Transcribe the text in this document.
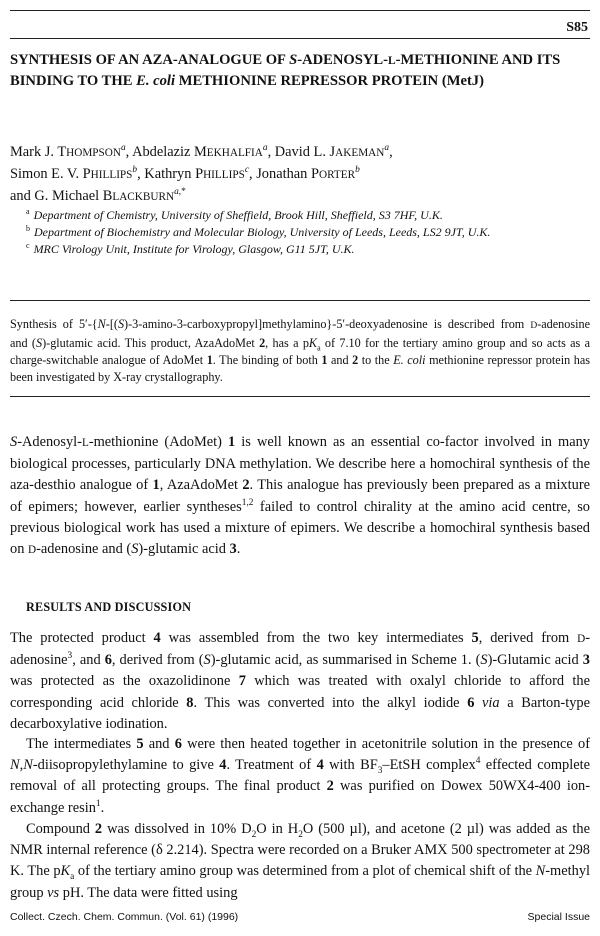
S85
SYNTHESIS OF AN AZA-ANALOGUE OF S-ADENOSYL-L-METHIONINE AND ITS BINDING TO THE E. coli METHIONINE REPRESSOR PROTEIN (MetJ)
Mark J. THOMPSON$^a$, Abdelaziz MEKHALFIA$^a$, David L. JAKEMAN$^a$,
Simon E. V. PHILLIPS$^b$, Kathryn PHILLIPS$^c$, Jonathan PORTER$^b$
and G. Michael $BLACKBURN^{a,*}$
$^a$ Department of Chemistry, University of Sheffield, Brook Hill, Sheffield, S3 7HF, U.K.
$^b$ Department of Biochemistry and Molecular Biology, University of Leeds, Leeds, LS2 9JT, U.K.
$^c$ MRC Virology Unit, Institute for Virology, Glasgow, G11 5JT, U.K.

Synthesis of 5′-{N-[(S)-3-amino-3-carboxypropyl]methylamino}-5′-deoxyadenosine is described from D-adenosine and (S)-glutamic acid. This product, AzaAdoMet 2, has a $pK_a$ of 7.10 for the tertiary amino group and so acts as a charge-switchable analogue of AdoMet 1. The binding of both 1 and 2 to the E. coli methionine repressor protein has been investigated by X-ray crystallography.

S-Adenosyl-L-methionine (AdoMet) 1 is well known as an essential co-factor involved in many biological processes, particularly DNA methylation. We describe here a homochiral synthesis of the aza-desthio analogue of 1, AzaAdoMet 2. This analogue has previously been prepared as a mixture of epimers; however, earlier syntheses$^{1,2}$ failed to control chirality at the amino acid centre, so previous biological work has used a mixture of epimers. We describe a homochiral synthesis based on D-adenosine and (S)-glutamic acid 3.

RESULTS AND DISCUSSION

The protected product 4 was assembled from the two key intermediates 5, derived from D-adenosine$^3$, and 6, derived from (S)-glutamic acid, as summarised in Scheme 1. (S)-Glutamic acid 3 was protected as the oxazolidinone 7 which was treated with oxalyl chloride to afford the corresponding acid chloride 8. This was converted into the alkyl iodide 6 via a Barton-type decarboxylative iodination.

The intermediates 5 and 6 were then heated together in acetonitrile solution in the presence of N,N-diisopropylethylamine to give 4. Treatment of 4 with $BF_3$–EtSH complex$^4$ effected complete removal of all protecting groups. The final product 2 was purified on Dowex 50WX4-400 ion-exchange resin$^1$.

Compound 2 was dissolved in 10% $D_2O$ in $H_2O$ (500 µl), and acetone (2 µl) was added as the NMR internal reference (δ 2.214). Spectra were recorded on a Bruker AMX 500 spectrometer at 298 K. The $pK_a$ of the tertiary amino group was determined from a plot of chemical shift of the N-methyl group vs pH. The data were fitted using

Collect. Czech. Chem. Commun. (Vol. 61) (1996)	Special Issue
